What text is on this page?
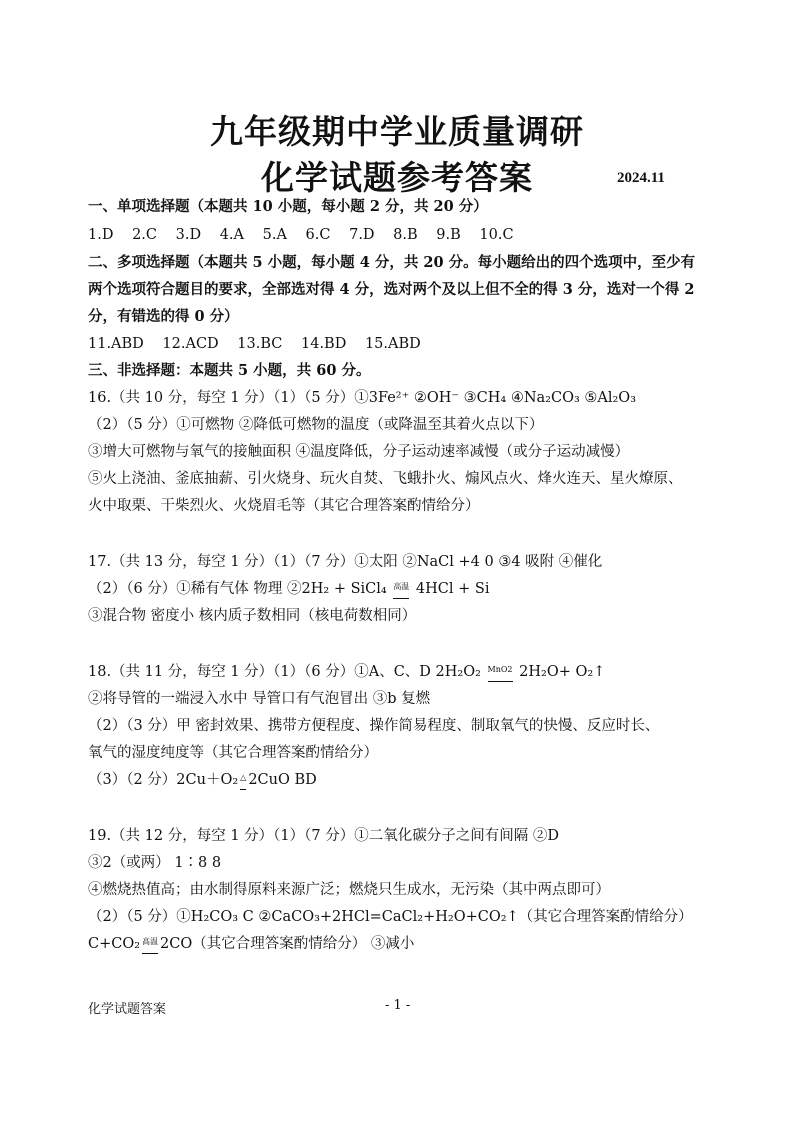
九年级期中学业质量调研
化学试题参考答案	2024.11
一、单项选择题（本题共 10 小题，每小题 2 分，共 20 分）
1.D 2.C 3.D 4.A 5.A 6.C 7.D 8.B 9.B 10.C
二、多项选择题（本题共 5 小题，每小题 4 分，共 20 分。每小题给出的四个选项中，至少有
两个选项符合题目的要求，全部选对得 4 分，选对两个及以上但不全的得 3 分，选对一个得 2
分，有错选的得 0 分）
11.ABD 12.ACD 13.BC 14.BD 15.ABD
三、非选择题：本题共 5 小题，共 60 分。
16.（共 10 分，每空 1 分）（1）（5 分）①3Fe²⁺ ②OH⁻ ③CH₄ ④Na₂CO₃ ⑤Al₂O₃
（2）（5 分）①可燃物 ②降低可燃物的温度（或降温至其着火点以下）
③增大可燃物与氧气的接触面积 ④温度降低，分子运动速率减慢（或分子运动减慢）
⑤火上浇油、釜底抽薪、引火烧身、玩火自焚、飞蛾扑火、煽风点火、烽火连天、星火燎原、
火中取栗、干柴烈火、火烧眉毛等（其它合理答案酌情给分）
17.（共 13 分，每空 1 分）（1）（7 分）①太阳 ②NaCl +4 0 ③4 吸附 ④催化
（2）（6 分）①稀有气体 物理 ②2H₂ + SiCl₄ 高温 4HCl + Si
③混合物 密度小 核内质子数相同（核电荷数相同）
18.（共 11 分，每空 1 分）（1）（6 分）①A、C、D 2H₂O₂ MnO2 2H₂O+ O₂↑
②将导管的一端浸入水中 导管口有气泡冒出 ③b 复燃
（2）（3 分）甲 密封效果、携带方便程度、操作简易程度、制取氧气的快慢、反应时长、
氧气的湿度纯度等（其它合理答案酌情给分）
（3）（2 分）2Cu＋O₂ △ 2CuO BD
19.（共 12 分，每空 1 分）（1）（7 分）①二氧化碳分子之间有间隔 ②D
③2（或两） 1∶8 8
④燃烧热值高；由水制得原料来源广泛；燃烧只生成水，无污染（其中两点即可）
（2）（5 分）①H₂CO₃ C ②CaCO₃+2HCl=CaCl₂+H₂O+CO₂↑（其它合理答案酌情给分）
C+CO₂ 高温 2CO（其它合理答案酌情给分） ③减小
化学试题答案	- 1 -
